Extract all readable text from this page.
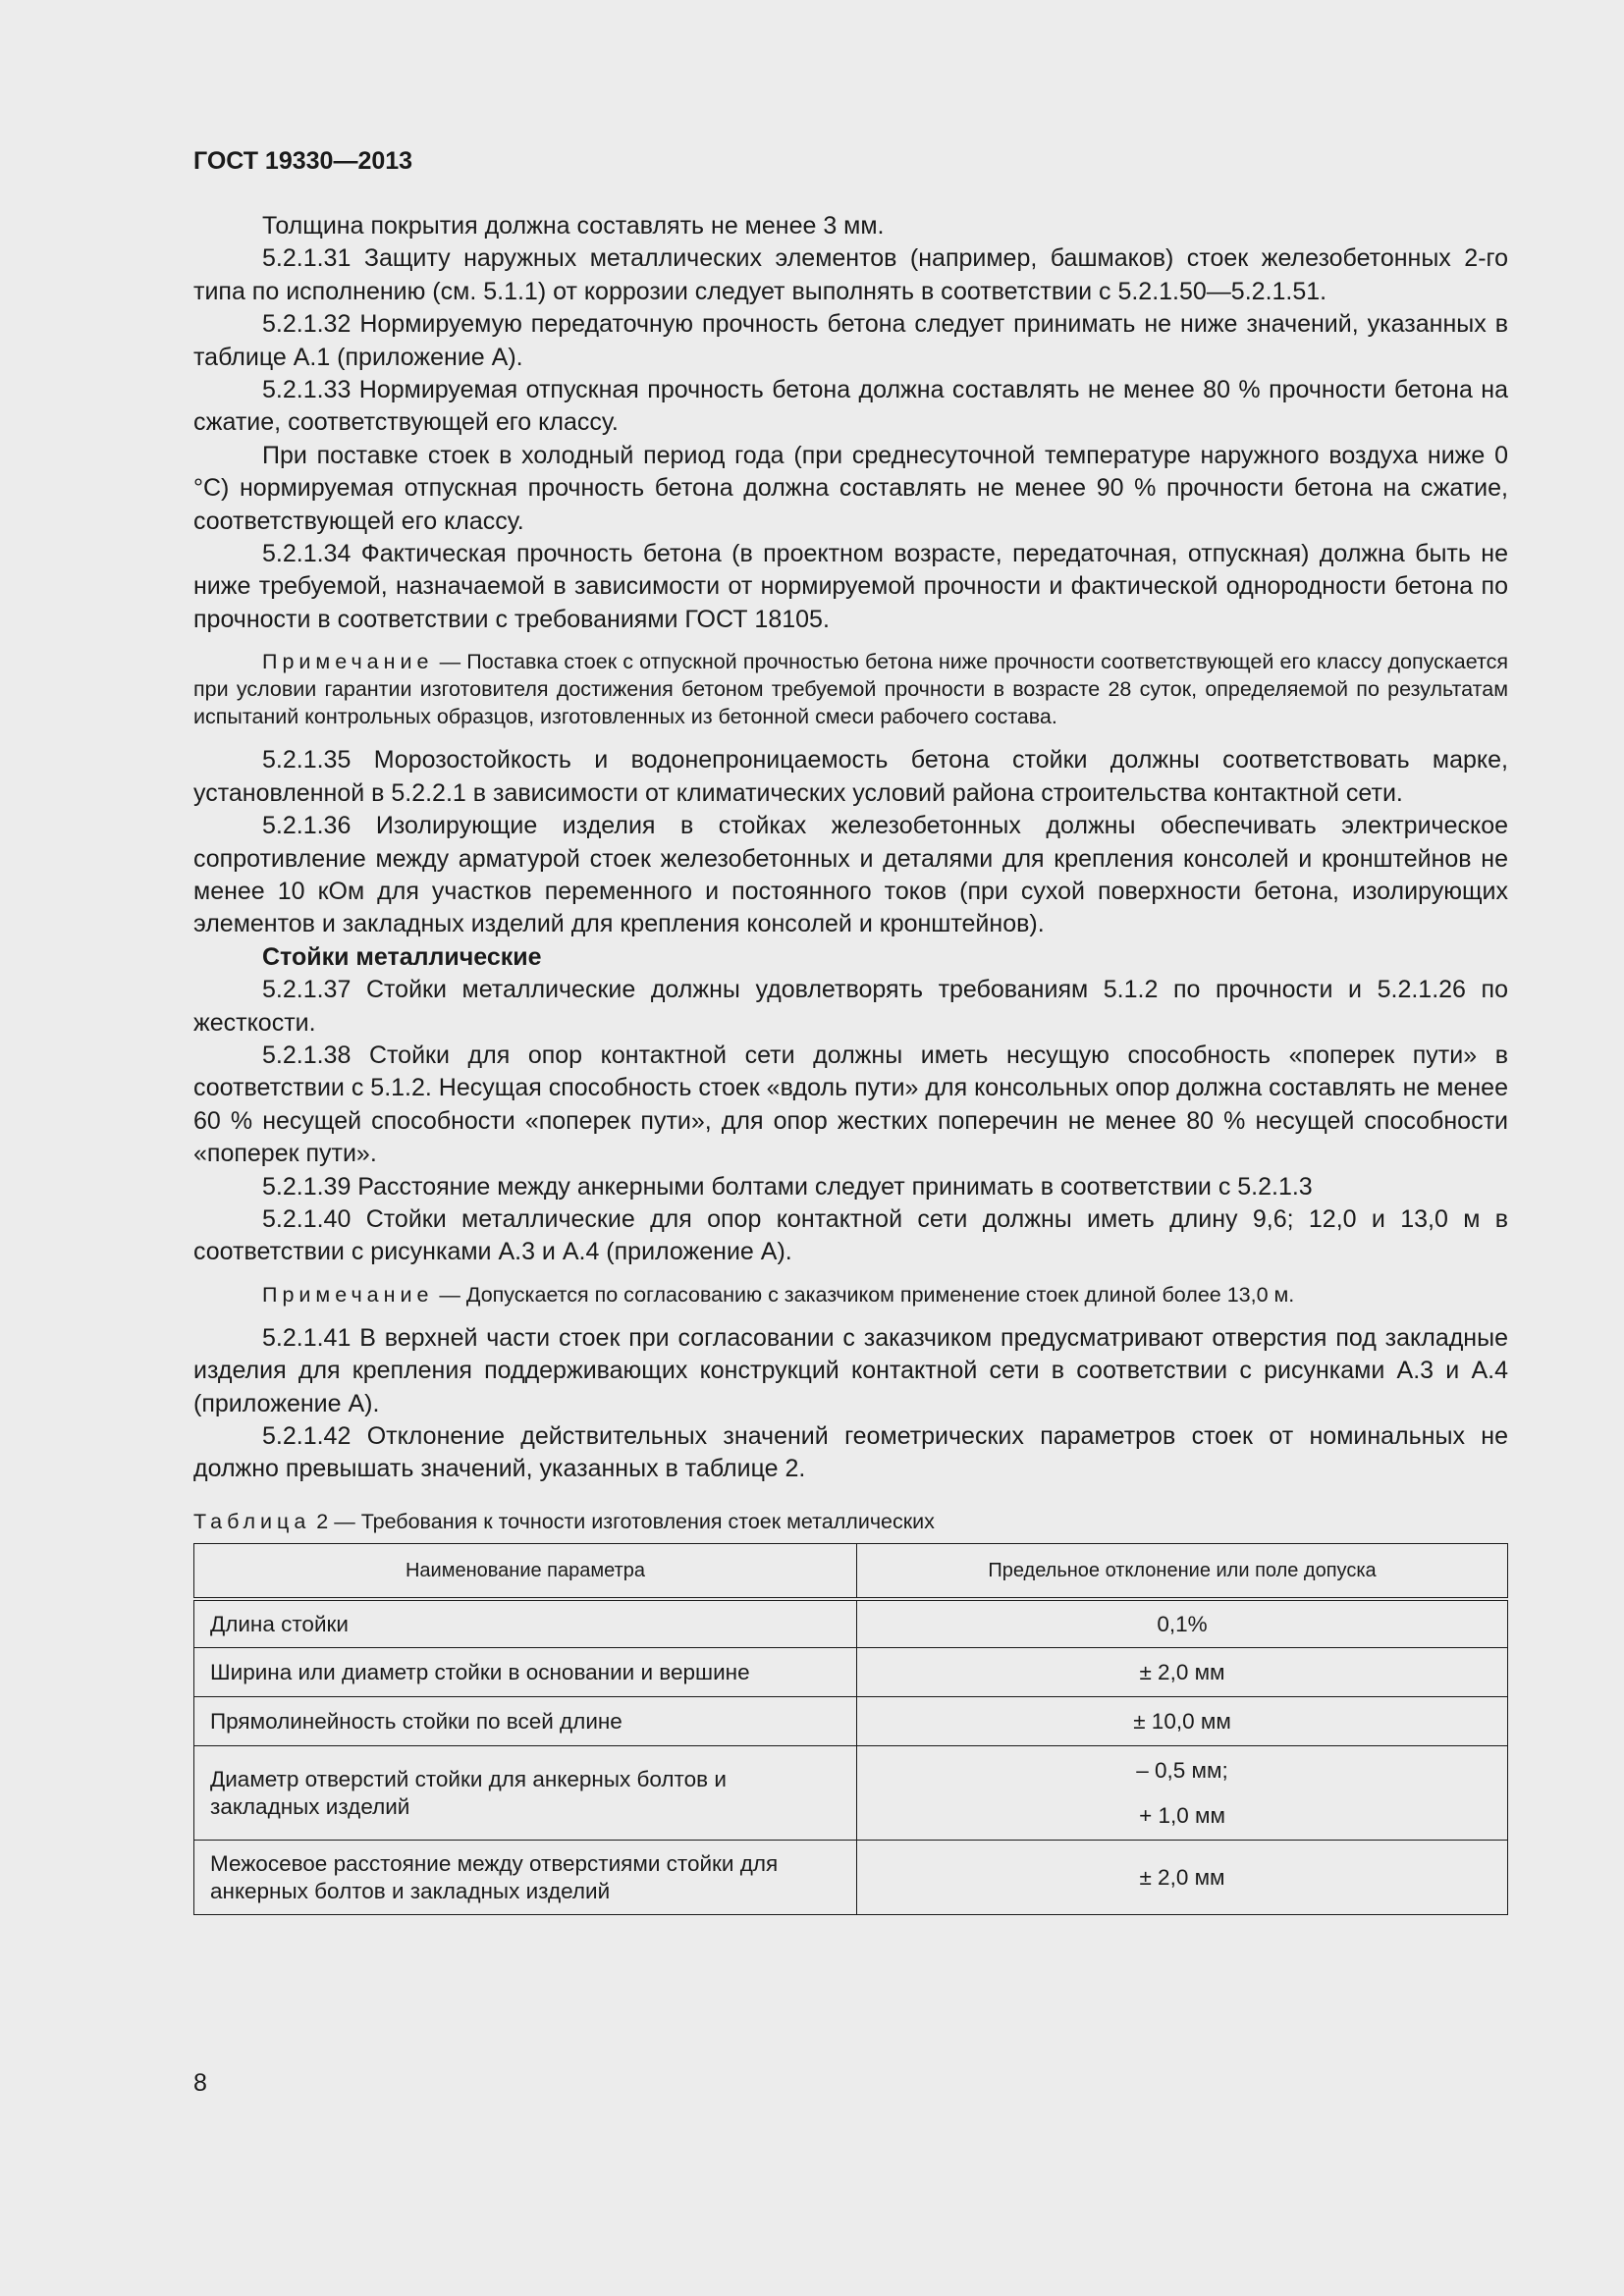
ГОСТ 19330—2013

Толщина покрытия должна составлять не менее 3 мм.

5.2.1.31 Защиту наружных металлических элементов (например, башмаков) стоек железобетонных 2-го типа по исполнению (см. 5.1.1) от коррозии следует выполнять в соответствии с 5.2.1.50—5.2.1.51.

5.2.1.32 Нормируемую передаточную прочность бетона следует принимать не ниже значений, указанных в таблице А.1 (приложение А).

5.2.1.33 Нормируемая отпускная прочность бетона должна составлять не менее 80 % прочности бетона на сжатие, соответствующей его классу.

При поставке стоек в холодный период года (при среднесуточной температуре наружного воздуха ниже 0 °С) нормируемая отпускная прочность бетона должна составлять не менее 90 % прочности бетона на сжатие, соответствующей его классу.

5.2.1.34 Фактическая прочность бетона (в проектном возрасте, передаточная, отпускная) должна быть не ниже требуемой, назначаемой в зависимости от нормируемой прочности и фактической однородности бетона по прочности в соответствии с требованиями ГОСТ 18105.

Примечание — Поставка стоек с отпускной прочностью бетона ниже прочности соответствующей его классу допускается при условии гарантии изготовителя достижения бетоном требуемой прочности в возрасте 28 суток, определяемой по результатам испытаний контрольных образцов, изготовленных из бетонной смеси рабочего состава.

5.2.1.35 Морозостойкость и водонепроницаемость бетона стойки должны соответствовать марке, установленной в 5.2.2.1 в зависимости от климатических условий района строительства контактной сети.

5.2.1.36 Изолирующие изделия в стойках железобетонных должны обеспечивать электрическое сопротивление между арматурой стоек железобетонных и деталями для крепления консолей и кронштейнов не менее 10 кОм для участков переменного и постоянного токов (при сухой поверхности бетона, изолирующих элементов и закладных изделий для крепления консолей и кронштейнов).

Стойки металлические

5.2.1.37 Стойки металлические должны удовлетворять требованиям 5.1.2 по прочности и 5.2.1.26 по жесткости.

5.2.1.38 Стойки для опор контактной сети должны иметь несущую способность «поперек пути» в соответствии с 5.1.2. Несущая способность стоек «вдоль пути» для консольных опор должна составлять не менее 60 % несущей способности «поперек пути», для опор жестких поперечин не менее 80 % несущей способности «поперек пути».

5.2.1.39 Расстояние между анкерными болтами следует принимать в соответствии с 5.2.1.3

5.2.1.40 Стойки металлические для опор контактной сети должны иметь длину 9,6; 12,0 и 13,0 м в соответствии с рисунками А.3 и А.4 (приложение А).

Примечание — Допускается по согласованию с заказчиком применение стоек длиной более 13,0 м.

5.2.1.41 В верхней части стоек при согласовании с заказчиком предусматривают отверстия под закладные изделия для крепления поддерживающих конструкций контактной сети в соответствии с рисунками А.3 и А.4 (приложение А).

5.2.1.42 Отклонение действительных значений геометрических параметров стоек от номинальных не должно превышать значений, указанных в таблице 2.

Таблица 2 — Требования к точности изготовления стоек металлических

Наименование параметра	Предельное отклонение или поле допуска
Длина стойки	0,1%
Ширина или диаметр стойки в основании и вершине	± 2,0 мм
Прямолинейность стойки по всей длине	± 10,0 мм
Диаметр отверстий стойки для анкерных болтов и закладных изделий	– 0,5 мм;
+ 1,0 мм

Межосевое расстояние между отверстиями стойки для анкерных болтов и закладных изделий	± 2,0 мм
8
